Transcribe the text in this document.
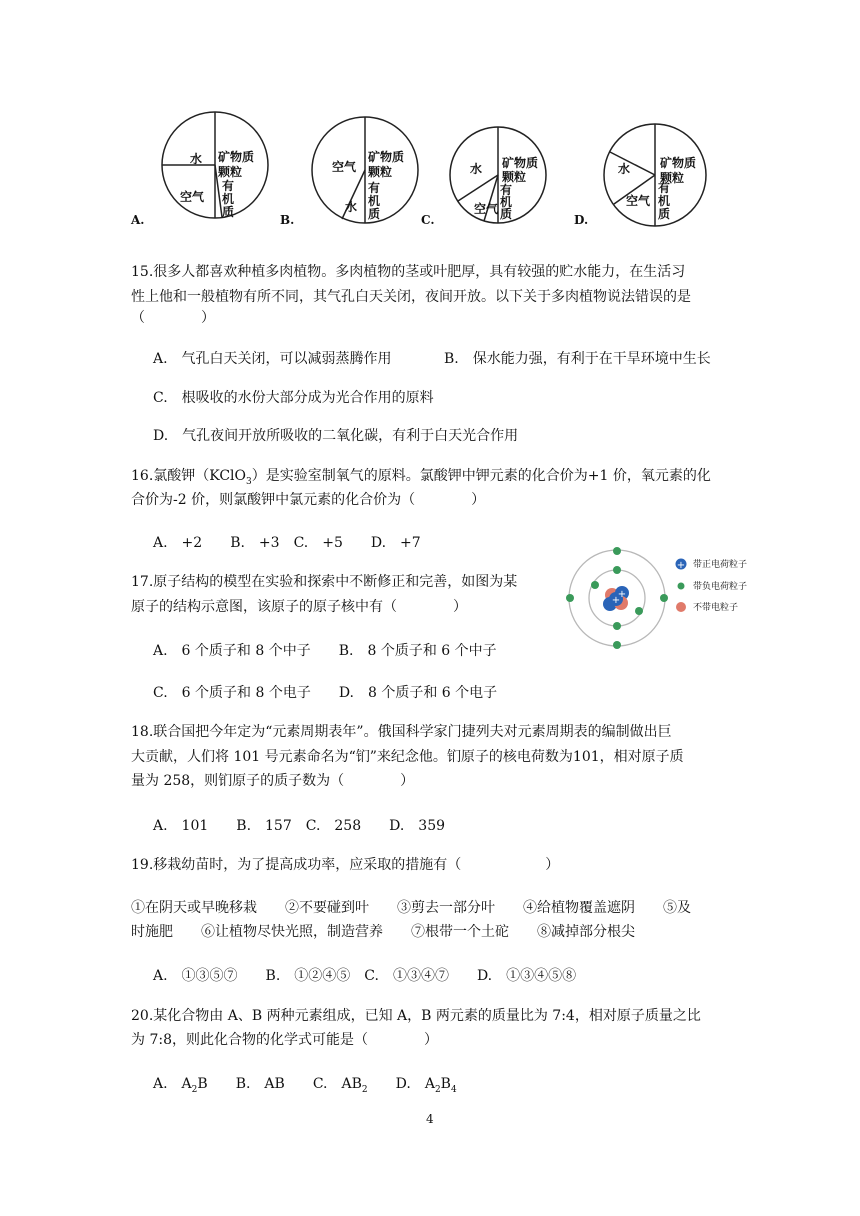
水
空气
矿物质颗粒
有机质
A.
空气
水
矿物质颗粒
有机质
B.
水
空气
矿物质颗粒
有机质
C.
水
空气
矿物质颗粒
有机质
D.
15.很多人都喜欢种植多肉植物。多肉植物的茎或叶肥厚，具有较强的贮水能力，在生活习
性上他和一般植物有所不同，其气孔白天关闭，夜间开放。以下关于多肉植物说法错误的是
（　　　　）
A.　气孔白天关闭，可以减弱蒸腾作用	B.　保水能力强，有利于在干旱环境中生长
C.　根吸收的水份大部分成为光合作用的原料
D.　气孔夜间开放所吸收的二氧化碳，有利于白天光合作用
16.氯酸钾（KClO$_3$）是实验室制氧气的原料。氯酸钾中钾元素的化合价为+1 价，氧元素的化
合价为-2 价，则氯酸钾中氯元素的化合价为（　　　　）
A.　+2　　B.　+3　C.　+5　　D.　+7
17.原子结构的模型在实验和探索中不断修正和完善，如图为某
原子的结构示意图，该原子的原子核中有（　　　　）
A.　6 个质子和 8 个中子　　B.　8 个质子和 6 个中子
C.　6 个质子和 8 个电子　　D.　8 个质子和 6 个电子
+
+
+ 带正电荷粒子
带负电荷粒子
不带电粒子
18.联合国把今年定为“元素周期表年”。俄国科学家门捷列夫对元素周期表的编制做出巨
大贡献，人们将 101 号元素命名为“钔”来纪念他。钔原子的核电荷数为101，相对原子质
量为 258，则钔原子的质子数为（　　　　）
A.　101　　B.　157　C.　258　　D.　359
19.移栽幼苗时，为了提高成功率，应采取的措施有（　　　　　　）
①在阴天或早晚移栽　　②不要碰到叶　　③剪去一部分叶　　④给植物覆盖遮阴　　⑤及
时施肥　　⑥让植物尽快光照，制造营养　　⑦根带一个土砣　　⑧减掉部分根尖
A.　①③⑤⑦　　B.　①②④⑤　C.　①③④⑦　　D.　①③④⑤⑧
20.某化合物由 A、B 两种元素组成，已知 A，B 两元素的质量比为 7:4，相对原子质量之比
为 7:8，则此化合物的化学式可能是（　　　　）
A.　$A_2B$　　B.　AB　　C.　$AB_2$　　D.　$A_2B_4$
4
